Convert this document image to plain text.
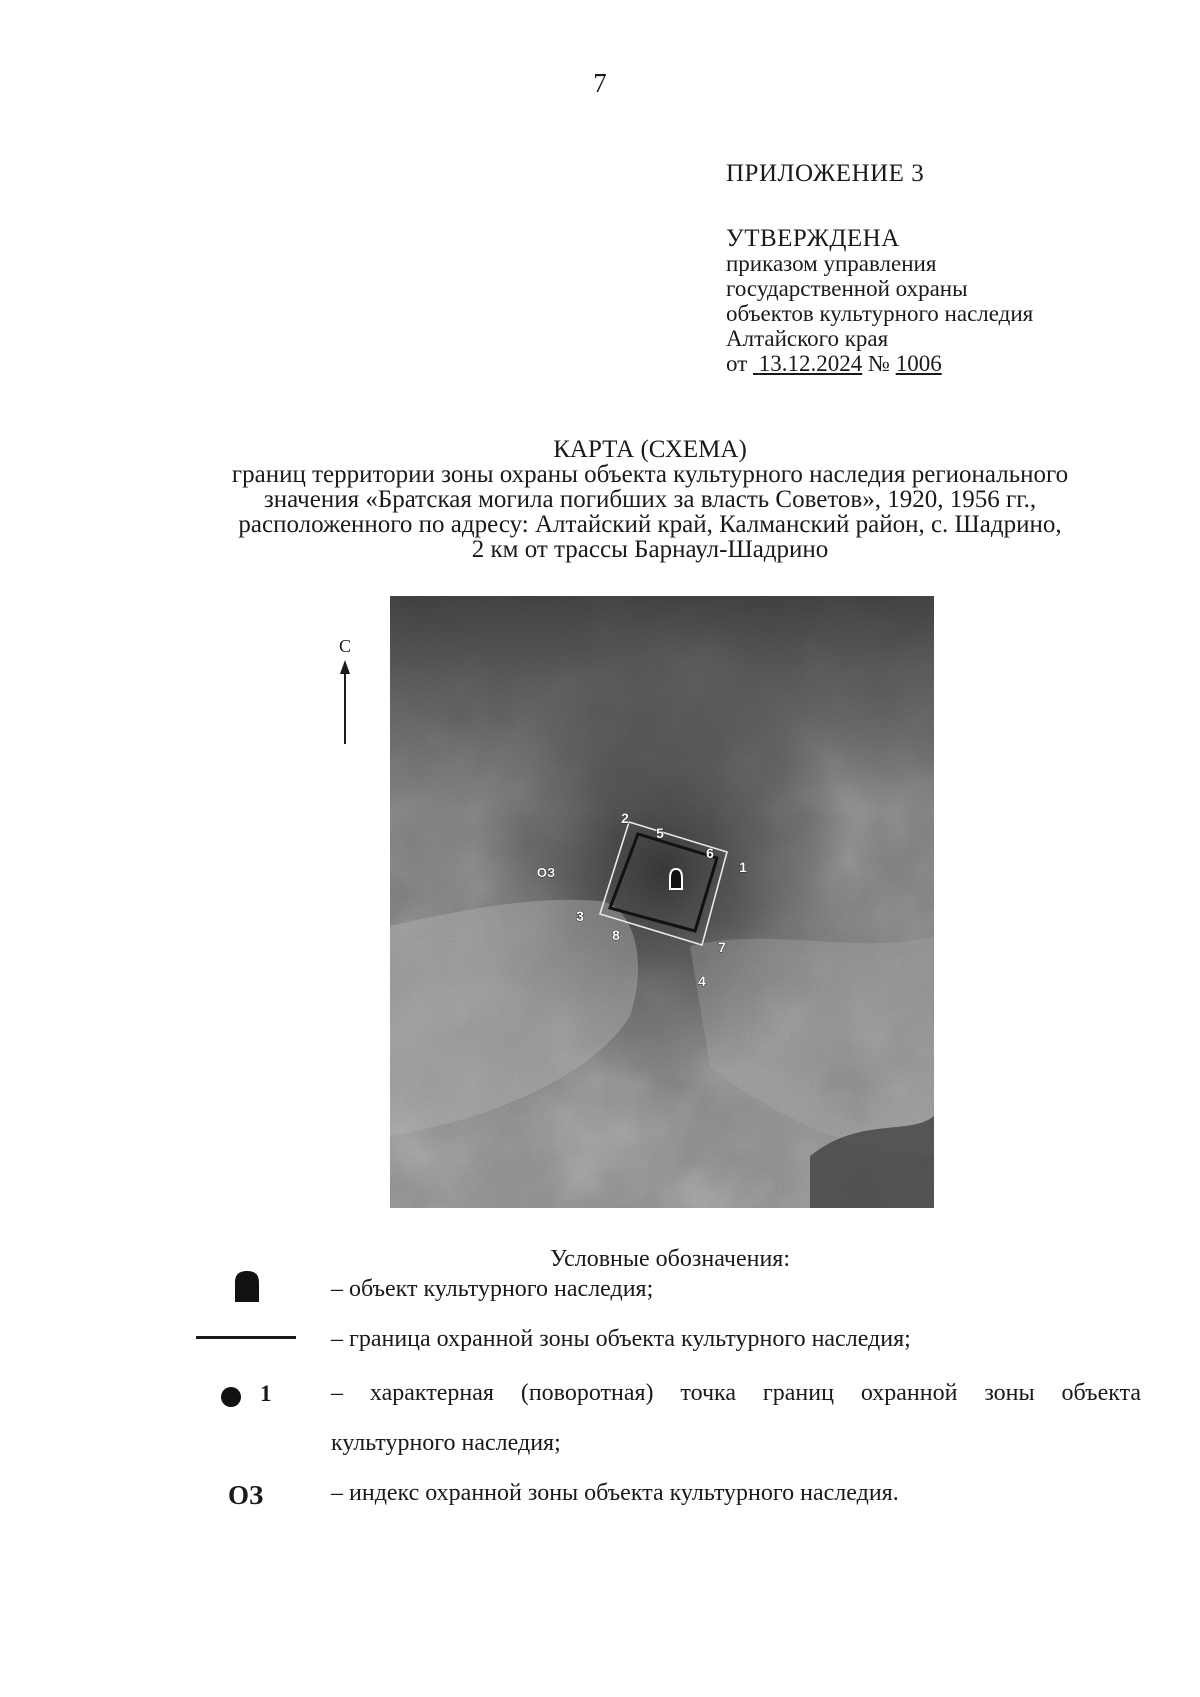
7
ПРИЛОЖЕНИЕ 3
УТВЕРЖДЕНА
приказом управления
государственной охраны
объектов культурного наследия
Алтайского края
от 13.12.2024 № 1006
КАРТА (СХЕМА)
границ территории зоны охраны объекта культурного наследия регионального
значения «Братская могила погибших за власть Советов», 1920, 1956 гг.,
расположенного по адресу: Алтайский край, Калманский район, с. Шадрино,
2 км от трассы Барнаул-Шадрино
С
1
2
3
4
5
6
7
8
ОЗ
Условные обозначения:
– объект культурного наследия;
– граница охранной зоны объекта культурного наследия;
1 – характерная (поворотная) точка границ охранной зоны объекта
культурного наследия;
ОЗ	– индекс охранной зоны объекта культурного наследия.
